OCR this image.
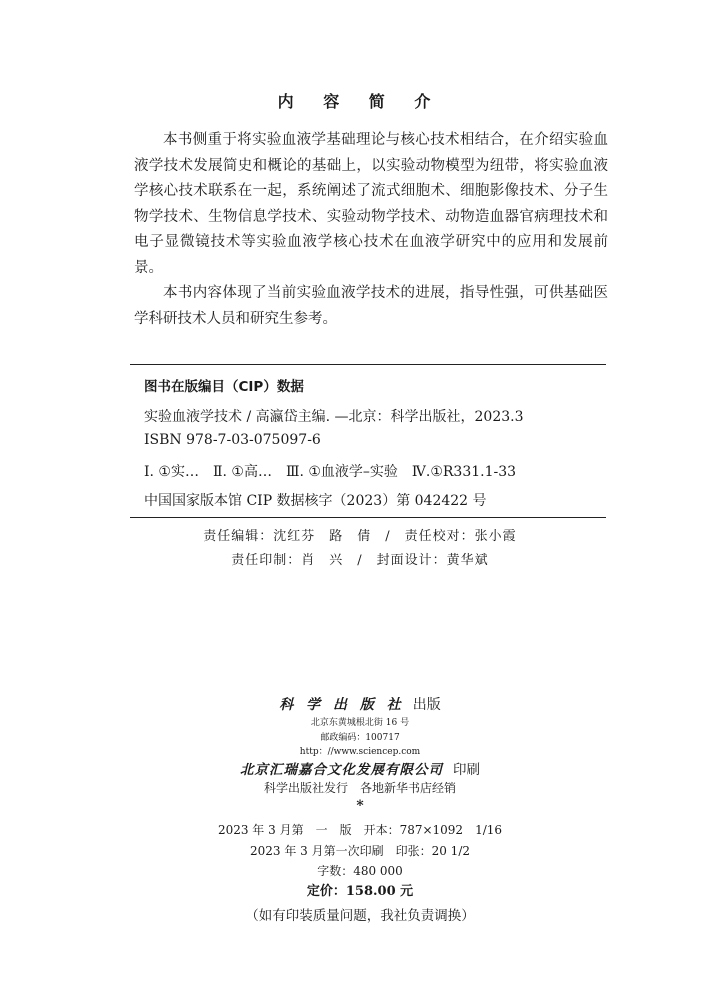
内 容 简 介

本书侧重于将实验血液学基础理论与核心技术相结合，在介绍实验血液学技术发展简史和概论的基础上，以实验动物模型为纽带，将实验血液学核心技术联系在一起，系统阐述了流式细胞术、细胞影像技术、分子生物学技术、生物信息学技术、实验动物学技术、动物造血器官病理技术和电子显微镜技术等实验血液学核心技术在血液学研究中的应用和发展前景。

本书内容体现了当前实验血液学技术的进展，指导性强，可供基础医学科研技术人员和研究生参考。

图书在版编目（CIP）数据
实验血液学技术 / 高瀛岱主编. —北京：科学出版社，2023.3
ISBN 978-7-03-075097-6
Ⅰ. ①实…　Ⅱ. ①高…　Ⅲ. ①血液学–实验　Ⅳ.①R331.1-33
中国国家版本馆 CIP 数据核字（2023）第 042422 号
责任编辑：沈红芬　路　倩　/　责任校对：张小霞
责任印制：肖　兴　/　封面设计：黄华斌
科 学 出 版 社 出版
北京东黄城根北街 16 号
邮政编码：100717
http：//www.sciencep.com
北京汇瑞嘉合文化发展有限公司 印刷
科学出版社发行　各地新华书店经销
*
2023 年 3 月第　一　版　开本：787×1092　1/16
2023 年 3 月第一次印刷　印张：20 1/2
字数：480 000
定价：158.00 元
（如有印装质量问题，我社负责调换）
